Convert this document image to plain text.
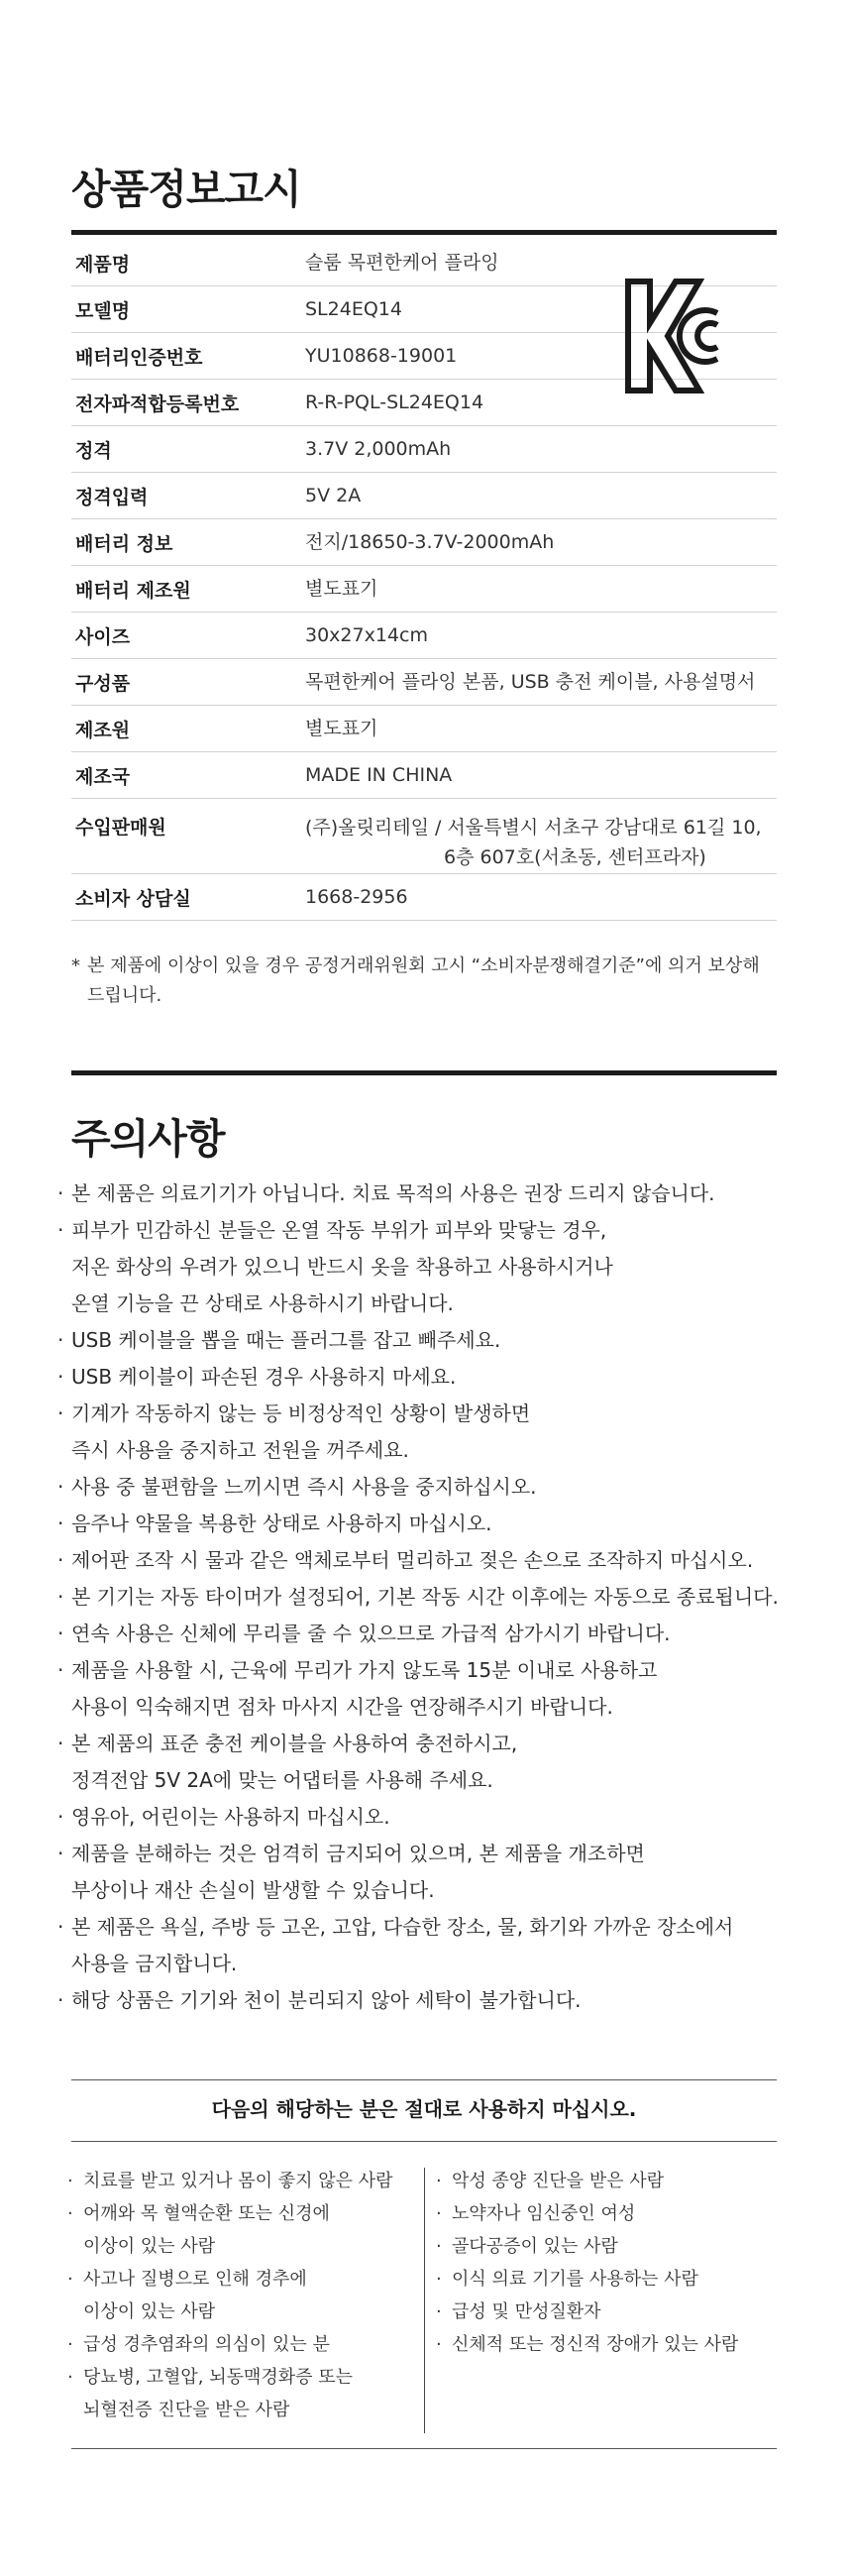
상품정보고시
제품명	슬룸 목편한케어 플라잉
모델명	SL24EQ14
배터리인증번호	YU10868-19001
전자파적합등록번호	R-R-PQL-SL24EQ14
정격	3.7V 2,000mAh
정격입력	5V 2A
배터리 정보	전지/18650-3.7V-2000mAh
배터리 제조원	별도표기
사이즈	30x27x14cm
구성품	목편한케어 플라잉 본품, USB 충전 케이블, 사용설명서
제조원	별도표기
제조국	MADE IN CHINA
수입판매원	(주)올릿리테일 / 서울특별시 서초구 강남대로 61길 10,
6층 607호(서초동, 센터프라자)
소비자 상담실	1668-2956
* 본 제품에 이상이 있을 경우 공정거래위원회 고시 “소비자분쟁해결기준”에 의거 보상해
드립니다.
주의사항
· 본 제품은 의료기기가 아닙니다. 치료 목적의 사용은 권장 드리지 않습니다.
· 피부가 민감하신 분들은 온열 작동 부위가 피부와 맞닿는 경우,
저온 화상의 우려가 있으니 반드시 옷을 착용하고 사용하시거나
온열 기능을 끈 상태로 사용하시기 바랍니다.
· USB 케이블을 뽑을 때는 플러그를 잡고 빼주세요.
· USB 케이블이 파손된 경우 사용하지 마세요.
· 기계가 작동하지 않는 등 비정상적인 상황이 발생하면
즉시 사용을 중지하고 전원을 꺼주세요.
· 사용 중 불편함을 느끼시면 즉시 사용을 중지하십시오.
· 음주나 약물을 복용한 상태로 사용하지 마십시오.
· 제어판 조작 시 물과 같은 액체로부터 멀리하고 젖은 손으로 조작하지 마십시오.
· 본 기기는 자동 타이머가 설정되어, 기본 작동 시간 이후에는 자동으로 종료됩니다.
· 연속 사용은 신체에 무리를 줄 수 있으므로 가급적 삼가시기 바랍니다.
· 제품을 사용할 시, 근육에 무리가 가지 않도록 15분 이내로 사용하고
사용이 익숙해지면 점차 마사지 시간을 연장해주시기 바랍니다.
· 본 제품의 표준 충전 케이블을 사용하여 충전하시고,
정격전압 5V 2A에 맞는 어댑터를 사용해 주세요.
· 영유아, 어린이는 사용하지 마십시오.
· 제품을 분해하는 것은 엄격히 금지되어 있으며, 본 제품을 개조하면
부상이나 재산 손실이 발생할 수 있습니다.
· 본 제품은 욕실, 주방 등 고온, 고압, 다습한 장소, 물, 화기와 가까운 장소에서
사용을 금지합니다.
· 해당 상품은 기기와 천이 분리되지 않아 세탁이 불가합니다.
다음의 해당하는 분은 절대로 사용하지 마십시오.
· 치료를 받고 있거나 몸이 좋지 않은 사람
· 어깨와 목 혈액순환 또는 신경에
이상이 있는 사람
· 사고나 질병으로 인해 경추에
이상이 있는 사람
· 급성 경추염좌의 의심이 있는 분
· 당뇨병, 고혈압, 뇌동맥경화증 또는
뇌혈전증 진단을 받은 사람
· 악성 종양 진단을 받은 사람
· 노약자나 임신중인 여성
· 골다공증이 있는 사람
· 이식 의료 기기를 사용하는 사람
· 급성 및 만성질환자
· 신체적 또는 정신적 장애가 있는 사람
